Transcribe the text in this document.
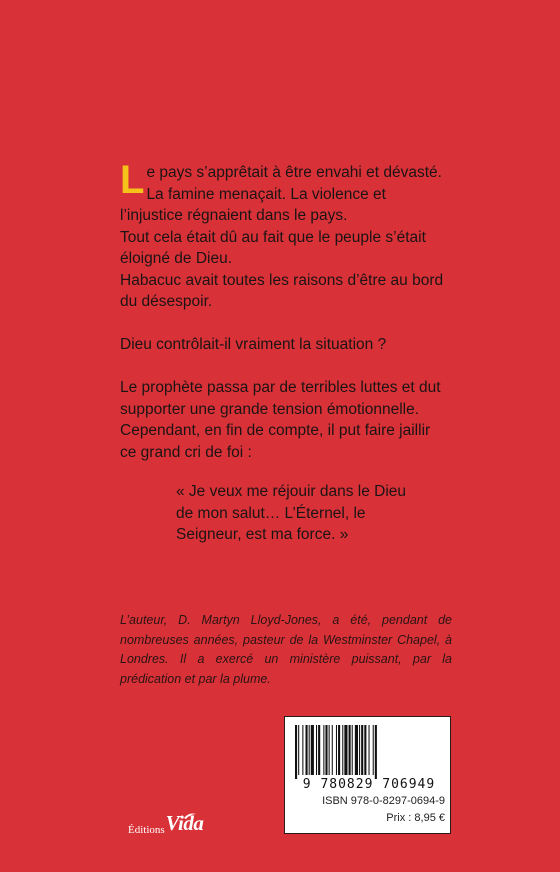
Le pays s’apprêtait à être envahi et dévasté.
La famine menaçait. La violence et l’injustice régnaient dans le pays.
Tout cela était dû au fait que le peuple s’était éloigné de Dieu.
Habacuc avait toutes les raisons d’être au bord du désespoir.

Dieu contrôlait-il vraiment la situation ?

Le prophète passa par de terribles luttes et dut supporter une grande tension émotionnelle.

Cependant, en fin de compte, il put faire jaillir ce grand cri de foi :

« Je veux me réjouir dans le Dieu de mon salut… L’Éternel, le Seigneur, est ma force. »

L’auteur, D. Martyn Lloyd-Jones, a été, pendant de nombreuses années, pasteur de la Westminster Chapel, à Londres. Il a exercé un ministère puissant, par la prédication et par la plume.
9 780829 706949
ISBN 978-0-8297-0694-9
Prix : 8,95 €
Éditions Vida
